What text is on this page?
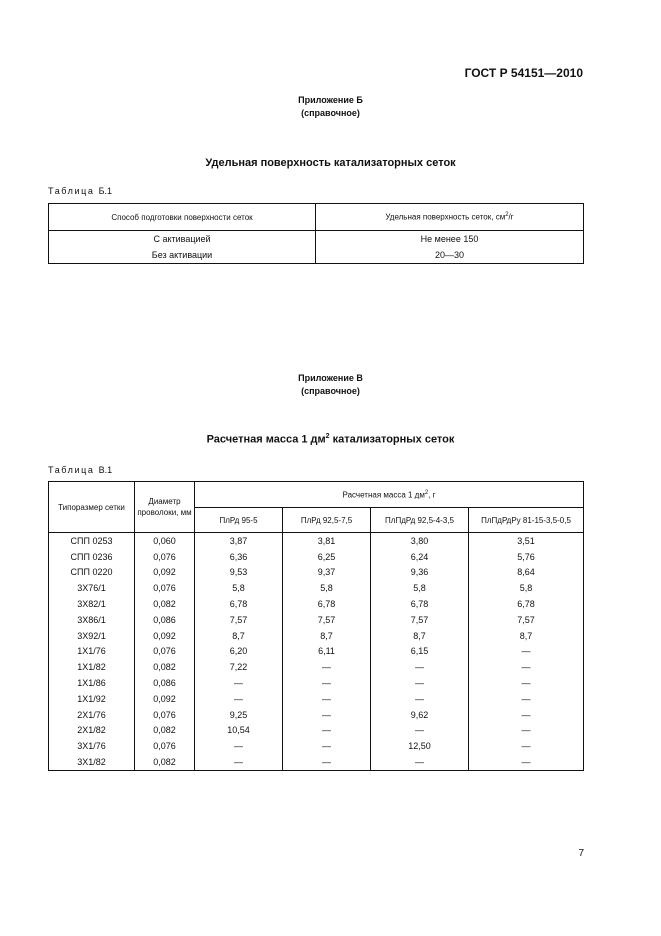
ГОСТ Р 54151—2010
Приложение Б
(справочное)
Удельная поверхность катализаторных сеток
Таблица Б.1
Способ подготовки поверхности сеток	Удельная поверхность сеток, $см^2/г$
С активацией	Не менее 150
Без активации	20—30
Приложение В
(справочное)
Расчетная масса 1 $дм^2$ катализаторных сеток
Таблица В.1
Типоразмер сетки	Диаметр проволоки, мм	Расчетная масса 1 $дм^2$, г			
		ПлРд 95-5	ПлРд 92,5-7,5	ПлПдРд 92,5-4-3,5	ПлПдРдРу 81-15-3,5-0,5
СПП 0253	0,060	3,87	3,81	3,80	3,51
СПП 0236	0,076	6,36	6,25	6,24	5,76
СПП 0220	0,092	9,53	9,37	9,36	8,64
3Х76/1	0,076	5,8	5,8	5,8	5,8
3Х82/1	0,082	6,78	6,78	6,78	6,78
3Х86/1	0,086	7,57	7,57	7,57	7,57
3Х92/1	0,092	8,7	8,7	8,7	8,7
1Х1/76	0,076	6,20	6,11	6,15	—
1Х1/82	0,082	7,22	—	—	—
1Х1/86	0,086	—	—	—	—
1Х1/92	0,092	—	—	—	—
2Х1/76	0,076	9,25	—	9,62	—
2Х1/82	0,082	10,54	—	—	—
3Х1/76	0,076	—	—	12,50	—
3Х1/82	0,082	—	—	—	—
7
